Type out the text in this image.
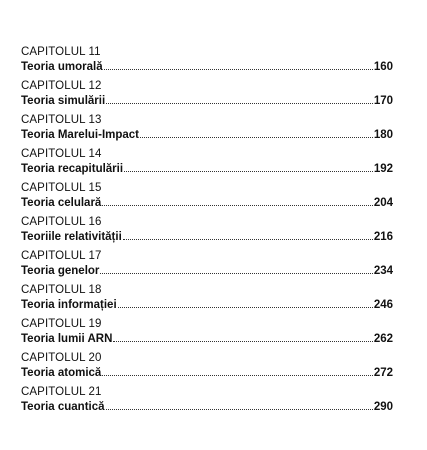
CAPITOLUL 11
Teoria umorală	160
CAPITOLUL 12
Teoria simulării	170
CAPITOLUL 13
Teoria Marelui-Impact	180
CAPITOLUL 14
Teoria recapitulării	192
CAPITOLUL 15
Teoria celulară	204
CAPITOLUL 16
Teoriile relativității	216
CAPITOLUL 17
Teoria genelor	234
CAPITOLUL 18
Teoria informației	246
CAPITOLUL 19
Teoria lumii ARN	262
CAPITOLUL 20
Teoria atomică	272
CAPITOLUL 21
Teoria cuantică	290
